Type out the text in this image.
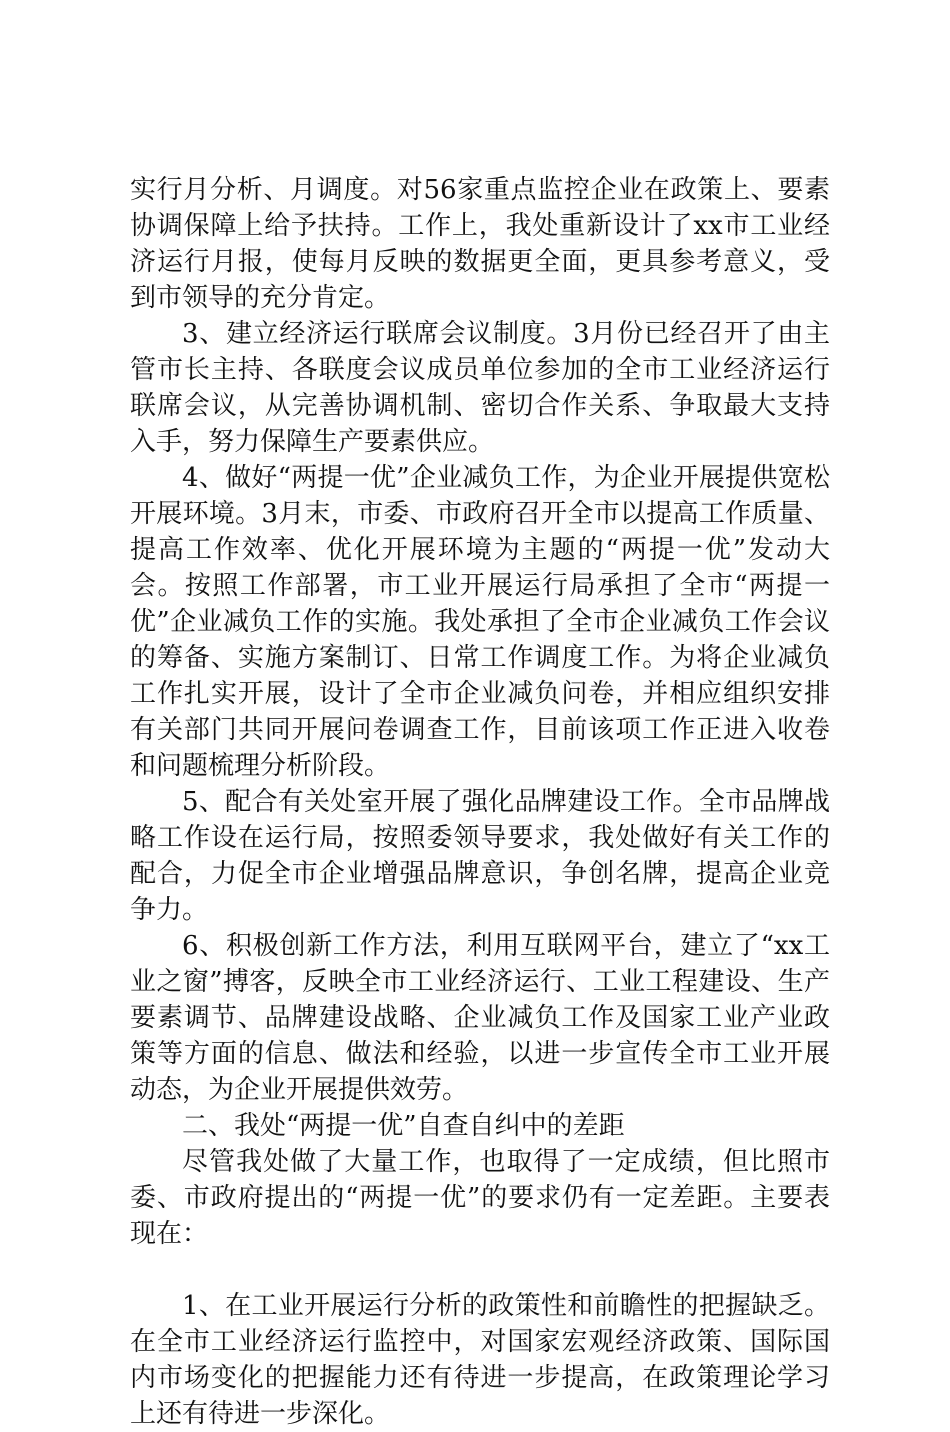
实行月分析、月调度。对56家重点监控企业在政策上、要素协调保障上给予扶持。工作上，我处重新设计了xx市工业经济运行月报，使每月反映的数据更全面，更具参考意义，受到市领导的充分肯定。

3、建立经济运行联席会议制度。3月份已经召开了由主管市长主持、各联度会议成员单位参加的全市工业经济运行联席会议，从完善协调机制、密切合作关系、争取最大支持入手，努力保障生产要素供应。

4、做好“两提一优”企业减负工作，为企业开展提供宽松开展环境。3月末，市委、市政府召开全市以提高工作质量、提高工作效率、优化开展环境为主题的“两提一优”发动大会。按照工作部署，市工业开展运行局承担了全市“两提一优”企业减负工作的实施。我处承担了全市企业减负工作会议的筹备、实施方案制订、日常工作调度工作。为将企业减负工作扎实开展，设计了全市企业减负问卷，并相应组织安排有关部门共同开展问卷调查工作，目前该项工作正进入收卷和问题梳理分析阶段。

5、配合有关处室开展了强化品牌建设工作。全市品牌战略工作设在运行局，按照委领导要求，我处做好有关工作的配合，力促全市企业增强品牌意识，争创名牌，提高企业竞争力。

6、积极创新工作方法，利用互联网平台，建立了“xx工业之窗”搏客，反映全市工业经济运行、工业工程建设、生产要素调节、品牌建设战略、企业减负工作及国家工业产业政策等方面的信息、做法和经验，以进一步宣传全市工业开展动态，为企业开展提供效劳。

二、我处“两提一优”自查自纠中的差距

尽管我处做了大量工作，也取得了一定成绩，但比照市委、市政府提出的“两提一优”的要求仍有一定差距。主要表现在：

1、在工业开展运行分析的政策性和前瞻性的把握缺乏。在全市工业经济运行监控中，对国家宏观经济政策、国际国内市场变化的把握能力还有待进一步提高，在政策理论学习上还有待进一步深化。
